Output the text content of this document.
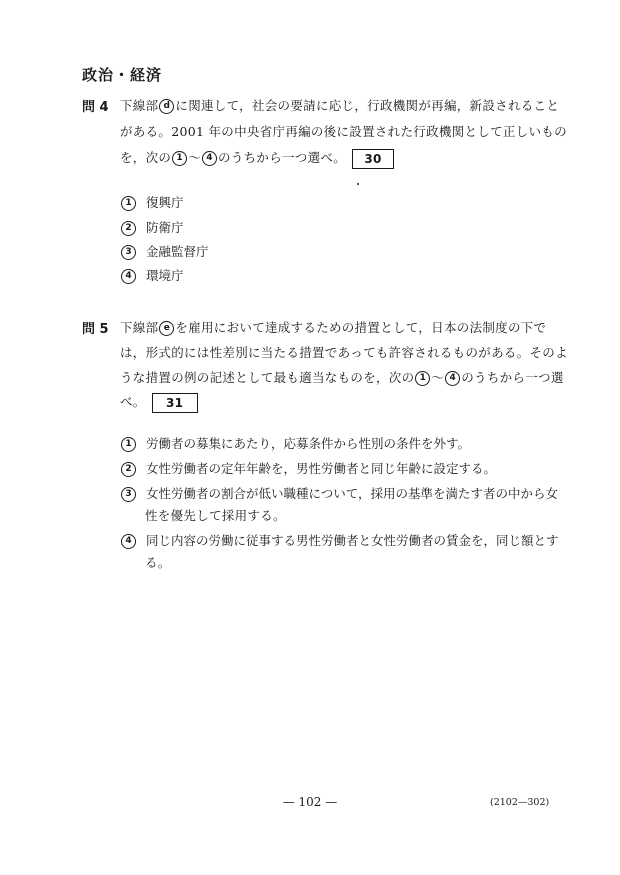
政治・経済
問 4 下線部 d に関連して，社会の要請に応じ，行政機関が再編，新設されること
がある。2001 年の中央省庁再編の後に設置された行政機関として正しいもの
を，次の 1 ～ 4 のうちから一つ選べ。 30
1 復興庁
2 防衛庁
3 金融監督庁
4 環境庁
問 5 下線部 e を雇用において達成するための措置として，日本の法制度の下で
は，形式的には性差別に当たる措置であっても許容されるものがある。そのよ
うな措置の例の記述として最も適当なものを，次の 1 ～ 4 のうちから一つ選
べ。 31
1 労働者の募集にあたり，応募条件から性別の条件を外す。
2 女性労働者の定年年齢を，男性労働者と同じ年齢に設定する。
3 女性労働者の割合が低い職種について，採用の基準を満たす者の中から女
性を優先して採用する。
4 同じ内容の労働に従事する男性労働者と女性労働者の賃金を，同じ額とす
る。
— 102 —	(2102—302)
